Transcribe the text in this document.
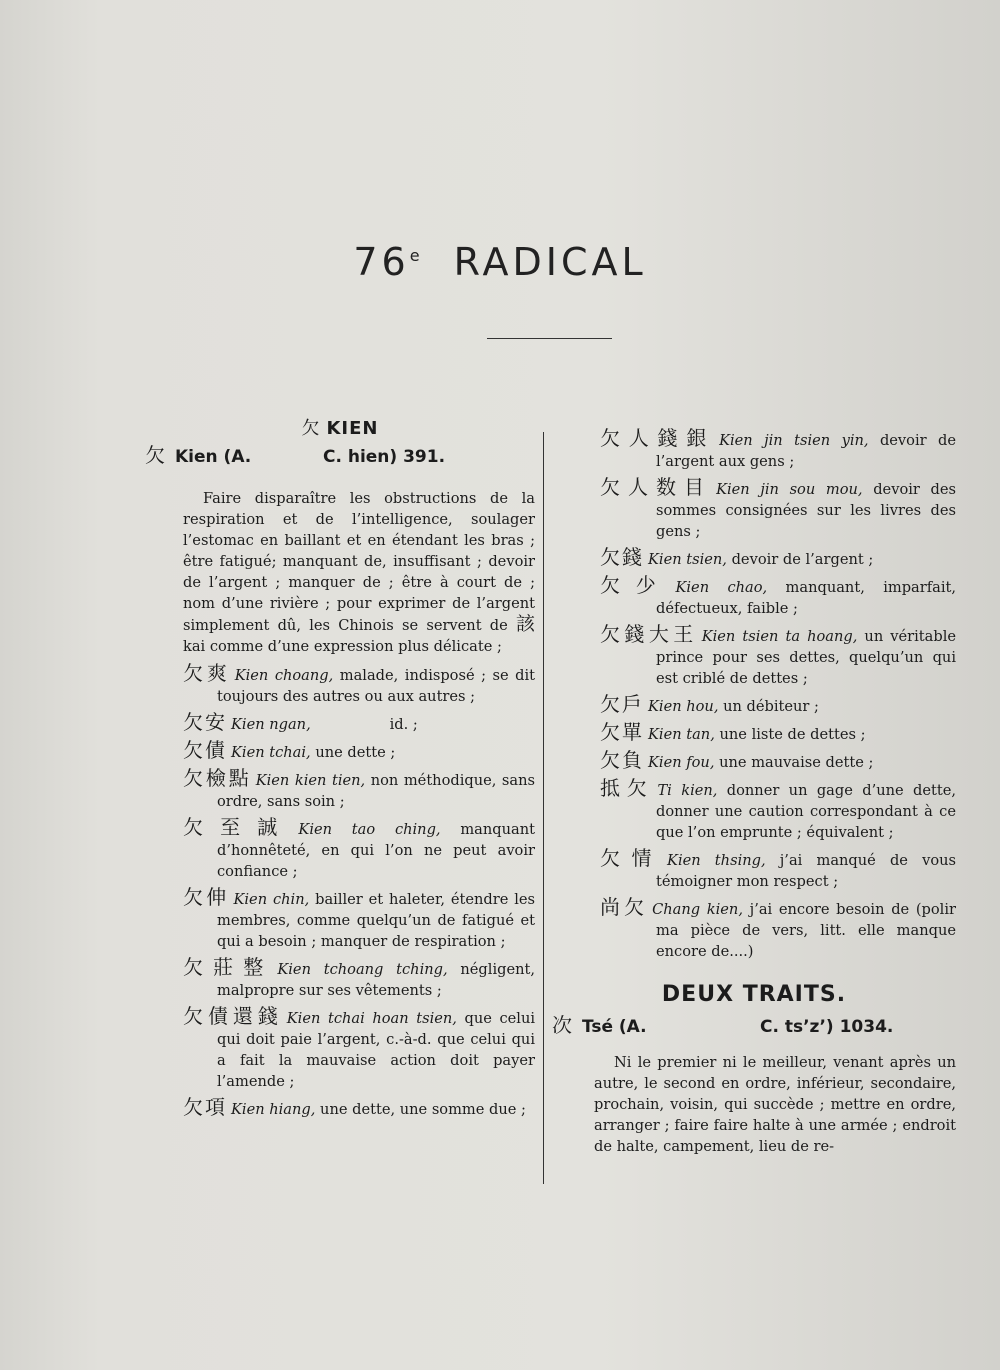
76e RADICAL
欠 KIEN
欠 Kien (A.	C. hien) 391.

Faire disparaître les obstructions de la respiration et de l’intelligence, soulager l’estomac en baillant et en étendant les bras ; être fatigué; manquant de, insuffisant ; devoir de l’argent ; manquer de ; être à court de ; nom d’une rivière ; pour exprimer de l’argent simplement dû, les Chinois se servent de 該 kai comme d’une expression plus délicate ;

欠爽 Kien choang, malade, indisposé ; se dit toujours des autres ou aux autres ;
欠安 Kien ngan,                 id. ;
欠債 Kien tchai, une dette ;
欠檢點 Kien kien tien, non méthodique, sans ordre, sans soin ;
欠至誠 Kien tao ching, manquant d’honnêteté, en qui l’on ne peut avoir confiance ;
欠伸 Kien chin, bailler et haleter, étendre les membres, comme quelqu’un de fatigué et qui a besoin ; manquer de respiration ;
欠莊整 Kien tchoang tching, négligent, malpropre sur ses vêtements ;
欠債還錢 Kien tchai hoan tsien, que celui qui doit paie l’argent, c.-à-d. que celui qui a fait la mauvaise action doit payer l’amende ;
欠項 Kien hiang, une dette, une somme due ;
欠人錢銀 Kien jin tsien yin, devoir de l’argent aux gens ;
欠人数目 Kien jin sou mou, devoir des sommes consignées sur les livres des gens ;
欠錢 Kien tsien, devoir de l’argent ;
欠少 Kien chao, manquant, imparfait, défectueux, faible ;
欠錢大王 Kien tsien ta hoang, un véritable prince pour ses dettes, quelqu’un qui est criblé de dettes ;
欠戶 Kien hou, un débiteur ;
欠單 Kien tan, une liste de dettes ;
欠負 Kien fou, une mauvaise dette ;
抵欠 Ti kien, donner un gage d’une dette, donner une caution correspondant à ce que l’on emprunte ; équivalent ;
欠情 Kien thsing, j’ai manqué de vous témoigner mon respect ;
尚欠 Chang kien, j’ai encore besoin de (polir ma pièce de vers, litt. elle manque encore de....)
DEUX TRAITS.
次 Tsé (A.	C. ts’z’) 1034.

Ni le premier ni le meilleur, venant après un autre, le second en ordre, inférieur, secondaire, prochain, voisin, qui succède ; mettre en ordre, arranger ; faire faire halte à une armée ; endroit de halte, campement, lieu de re-
